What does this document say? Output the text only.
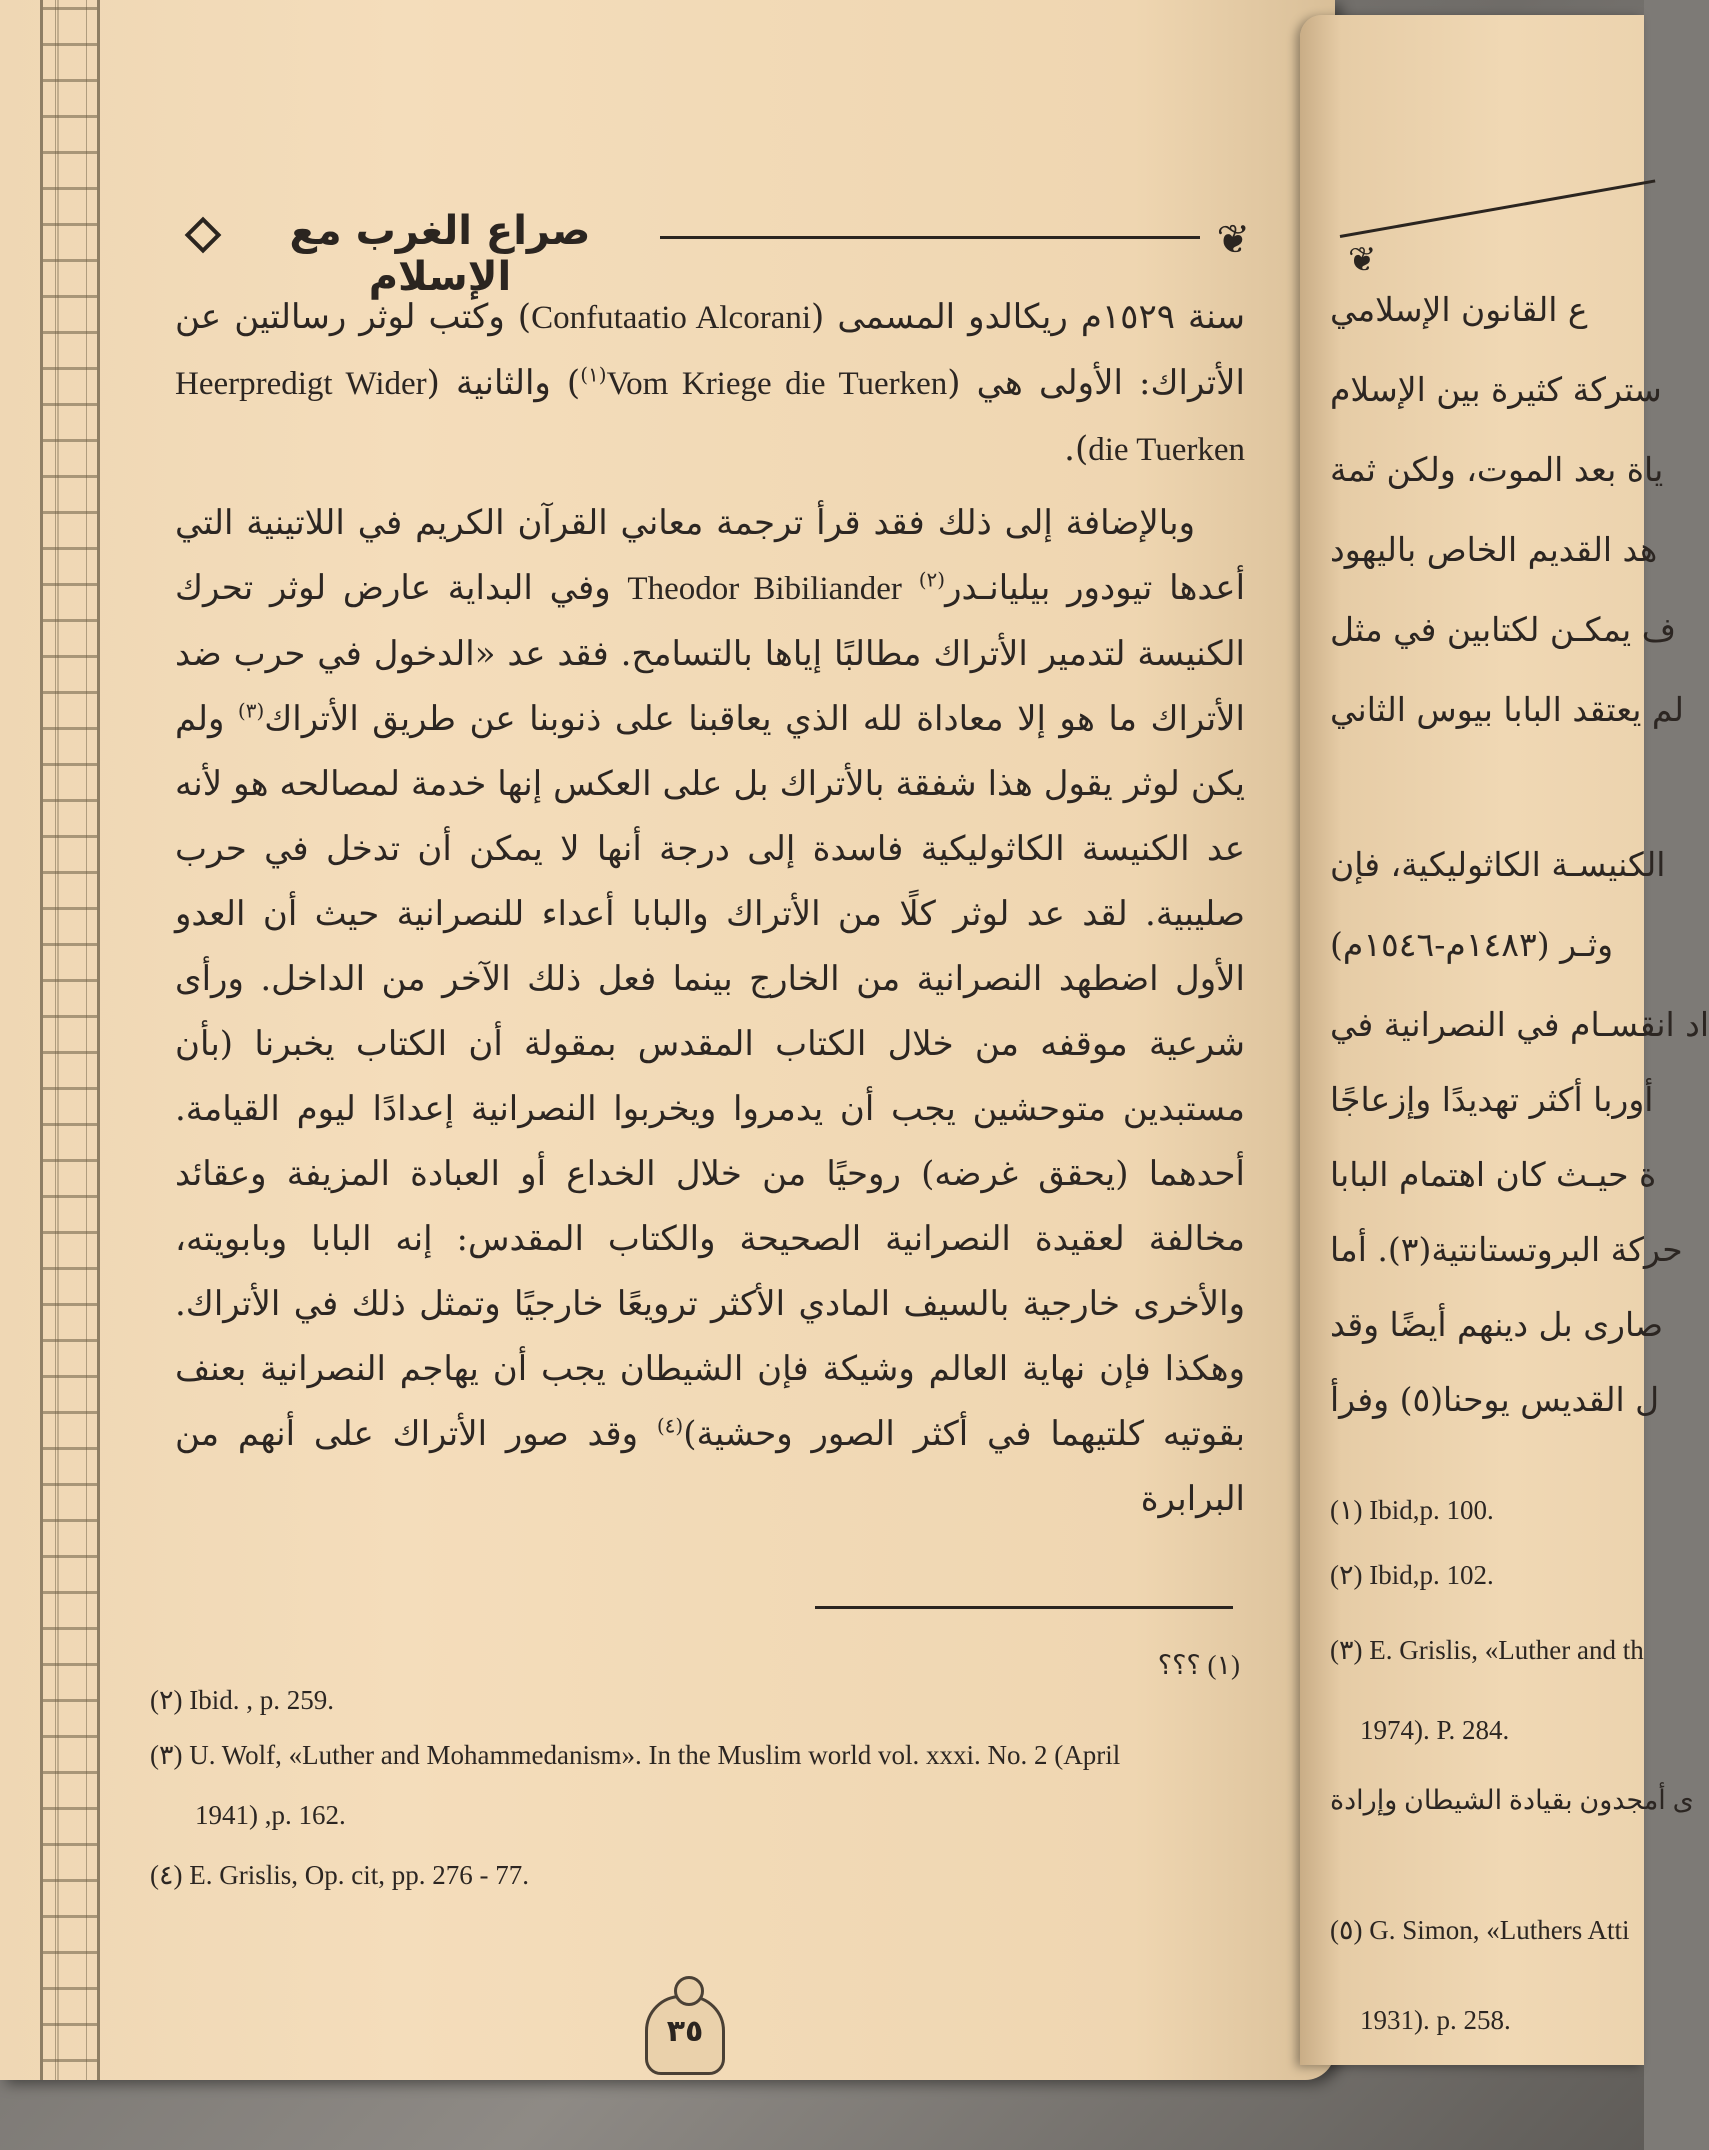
صراع الغرب مع الإسلام
❦

سنة ١٥٢٩م ريكالدو المسمى (Confutaatio Alcorani) وكتب لوثر رسالتين عن الأتراك: الأولى هي (Vom Kriege die Tuerken$^{(١)}$) والثانية (Heerpredigt Wider die Tuerken).

وبالإضافة إلى ذلك فقد قرأ ترجمة معاني القرآن الكريم في اللاتينية التي أعدها تيودور بيليانـدر$^{(٢)}$ Theodor Bibiliander وفي البداية عارض لوثر تحرك الكنيسة لتدمير الأتراك مطالبًا إياها بالتسامح. فقد عد «الدخول في حرب ضد الأتراك ما هو إلا معاداة لله الذي يعاقبنا على ذنوبنا عن طريق الأتراك$^{(٣)}$ ولم يكن لوثر يقول هذا شفقة بالأتراك بل على العكس إنها خدمة لمصالحه هو لأنه عد الكنيسة الكاثوليكية فاسدة إلى درجة أنها لا يمكن أن تدخل في حرب صليبية. لقد عد لوثر كلًا من الأتراك والبابا أعداء للنصرانية حيث أن العدو الأول اضطهد النصرانية من الخارج بينما فعل ذلك الآخر من الداخل. ورأى شرعية موقفه من خلال الكتاب المقدس بمقولة أن الكتاب يخبرنا (بأن مستبدين متوحشين يجب أن يدمروا ويخربوا النصرانية إعدادًا ليوم القيامة. أحدهما (يحقق غرضه) روحيًا من خلال الخداع أو العبادة المزيفة وعقائد مخالفة لعقيدة النصرانية الصحيحة والكتاب المقدس: إنه البابا وبابويته، والأخرى خارجية بالسيف المادي الأكثر ترويعًا خارجيًا وتمثل ذلك في الأتراك. وهكذا فإن نهاية العالم وشيكة فإن الشيطان يجب أن يهاجم النصرانية بعنف بقوتيه كلتيهما في أكثر الصور وحشية)$^{(٤)}$ وقد صور الأتراك على أنهم من البرابرة

(١) ؟؟؟
(٢) Ibid. , p. 259.
(٣) U. Wolf, «Luther and Mohammedanism». In the Muslim world vol. xxxi. No. 2 (April
1941) ,p. 162.
(٤) E. Grislis, Op. cit, pp. 276 - 77.
٣٥
❦
ع القانون الإسلامي
ستركة كثيرة بين الإسلام
ياة بعد الموت، ولكن ثمة
هد القديم الخاص باليهود
ف يمكـن لكتابين في مثل
لم يعتقد البابا بيوس الثاني
الكنيسـة الكاثوليكية، فإن
وثـر (١٤٨٣م-١٥٤٦م)
اد انقسـام في النصرانية في
أوربا أكثر تهديدًا وإزعاجًا
ة حيـث كان اهتمام البابا
حركة البروتستانتية(٣). أما
صارى بل دينهم أيضًا وقد
ل القديس يوحنا(٥) وفرأ
(١) Ibid,p. 100.
(٢) Ibid,p. 102.
(٣) E. Grislis, «Luther and th
1974). P. 284.
ى أمجدون بقيادة الشيطان وإرادة
(٥) G. Simon, «Luthers Atti
1931). p. 258.
